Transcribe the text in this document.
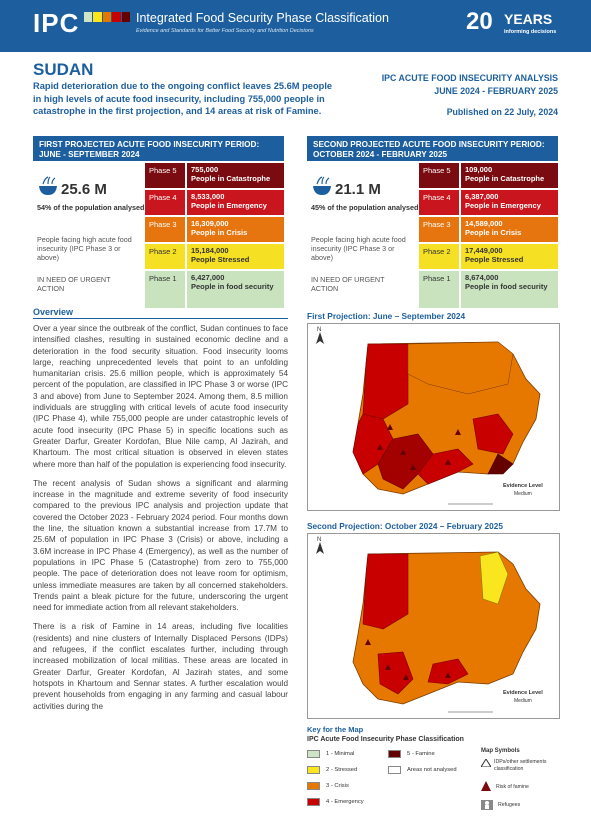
IPC	Integrated Food Security Phase Classification
Evidence and Standards for Better Food Security and Nutrition Decisions	20 YEARS
informing decisions
SUDAN
Rapid deterioration due to the ongoing conflict leaves 25.6M people in high levels of acute food insecurity, including 755,000 people in catastrophe in the first projection, and 14 areas at risk of Famine.
IPC ACUTE FOOD INSECURITY ANALYSIS
JUNE 2024 - FEBRUARY 2025
Published on 22 July, 2024
FIRST PROJECTED ACUTE FOOD INSECURITY PERIOD: JUNE - SEPTEMBER 2024
25.6 M
54% of the population analysed
People facing high acute food insecurity (IPC Phase 3 or above)
IN NEED OF URGENT ACTION
Phase 5	755,000
People in Catastrophe
Phase 4	8,533,000
People in Emergency
Phase 3	16,309,000
People in Crisis
Phase 2	15,184,000
People Stressed
Phase 1	6,427,000
People in food security
SECOND PROJECTED ACUTE FOOD INSECURITY PERIOD: OCTOBER 2024 - FEBRUARY 2025
21.1 M
45% of the population analysed
People facing high acute food insecurity (IPC Phase 3 or above)
IN NEED OF URGENT ACTION
Phase 5	109,000
People in Catastrophe
Phase 4	6,387,000
People in Emergency
Phase 3	14,589,000
People in Crisis
Phase 2	17,449,000
People Stressed
Phase 1	8,674,000
People in food security
Overview

Over a year since the outbreak of the conflict, Sudan continues to face intensified clashes, resulting in sustained economic decline and a deterioration in the food security situation. Food insecurity looms large, reaching unprecedented levels that point to an unfolding humanitarian crisis. 25.6 million people, which is approximately 54 percent of the population, are classified in IPC Phase 3 or worse (IPC 3 and above) from June to September 2024. Among them, 8.5 million individuals are struggling with critical levels of acute food insecurity (IPC Phase 4), while 755,000 people are under catastrophic levels of acute food insecurity (IPC Phase 5) in specific locations such as Greater Darfur, Greater Kordofan, Blue Nile camp, Al Jazirah, and Khartoum. The most critical situation is observed in eleven states where more than half of the population is experiencing food insecurity.

The recent analysis of Sudan shows a significant and alarming increase in the magnitude and extreme severity of food insecurity compared to the previous IPC analysis and projection update that covered the October 2023 - February 2024 period. Four months down the line, the situation known a substantial increase from 17.7M to 25.6M of population in IPC Phase 3 (Crisis) or above, including a 3.6M increase in IPC Phase 4 (Emergency), as well as the number of populations in IPC Phase 5 (Catastrophe) from zero to 755,000 people. The pace of deterioration does not leave room for optimism, unless immediate measures are taken by all concerned stakeholders. Trends paint a bleak picture for the future, underscoring the urgent need for immediate action from all relevant stakeholders.

There is a risk of Famine in 14 areas, including five localities (residents) and nine clusters of Internally Displaced Persons (IDPs) and refugees, if the conflict escalates further, including through increased mobilization of local militias. These areas are located in Greater Darfur, Greater Kordofan, Al Jazirah states, and some hotspots in Khartoum and Sennar states. A further escalation would prevent households from engaging in any farming and casual labour activities during the

First Projection: June – September 2024
N
Evidence Level
Medium
Second Projection: October 2024 – February 2025
N
Evidence Level
Medium
Key for the Map
IPC Acute Food Insecurity Phase Classification
1 - Minimal
2 - Stressed
3 - Crisis
4 - Emergency
5 - Famine
Areas not analysed
Map Symbols
IDPs/other settlements classification
Risk of famine
Refugees
